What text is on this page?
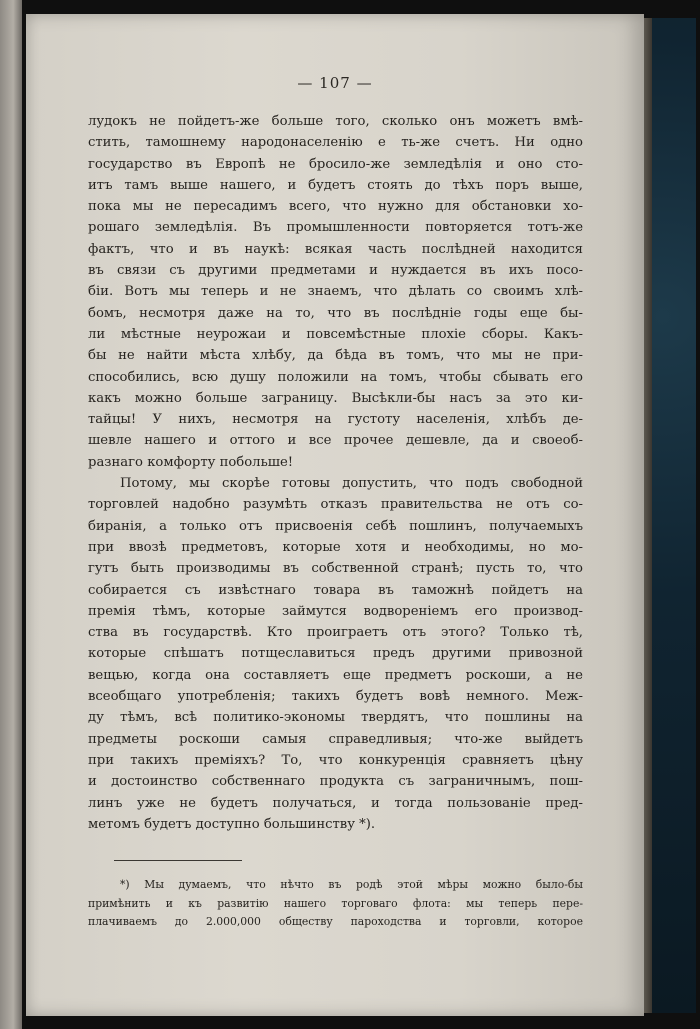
— 107 —
лудокъ не пойдетъ-же больше того, сколько онъ можетъ вмѣ-
стить, тамошнему народонаселенію е ть-же счетъ. Ни одно
государство въ Европѣ не бросило-же земледѣлія и оно сто-
итъ тамъ выше нашего, и будетъ стоять до тѣхъ поръ выше,
пока мы не пересадимъ всего, что нужно для обстановки хо-
рошаго земледѣлія. Въ промышленности повторяется тотъ-же
фактъ, что и въ наукѣ: всякая часть послѣдней находится
въ связи съ другими предметами и нуждается въ ихъ посо-
біи. Вотъ мы теперь и не знаемъ, что дѣлать со своимъ хлѣ-
бомъ, несмотря даже на то, что въ послѣдніе годы еще бы-
ли мѣстные неурожаи и повсемѣстные плохіе сборы. Какъ-
бы не найти мѣста хлѣбу, да бѣда въ томъ, что мы не при-
способились, всю душу положили на томъ, чтобы сбывать его
какъ можно больше заграницу. Высѣкли-бы насъ за это ки-
тайцы! У нихъ, несмотря на густоту населенія, хлѣбъ де-
шевле нашего и оттого и все прочее дешевле, да и своеоб-
разнаго комфорту побольше!
Потому, мы скорѣе готовы допустить, что подъ свободной
торговлей надобно разумѣть отказъ правительства не отъ со-
биранія, а только отъ присвоенія себѣ пошлинъ, получаемыхъ
при ввозѣ предметовъ, которые хотя и необходимы, но мо-
гутъ быть производимы въ собственной странѣ; пусть то, что
собирается съ извѣстнаго товара въ таможнѣ пойдетъ на
премія тѣмъ, которые займутся водвореніемъ его производ-
ства въ государствѣ. Кто проиграетъ отъ этого? Только тѣ,
которые спѣшатъ потщеславиться предъ другими привозной
вещью, когда она составляетъ еще предметъ роскоши, а не
всеобщаго употребленія; такихъ будетъ вовѣ немного. Меж-
ду тѣмъ, всѣ политико-экономы твердятъ, что пошлины на
предметы роскоши самыя справедливыя; что-же выйдетъ
при такихъ преміяхъ? То, что конкуренція сравняетъ цѣну
и достоинство собственнаго продукта съ заграничнымъ, пош-
линъ уже не будетъ получаться, и тогда пользованіе пред-
метомъ будетъ доступно большинству *).
*) Мы думаемъ, что нѣчто въ родѣ этой мѣры можно было-бы
примѣнить и къ развитію нашего торговаго флота: мы теперь пере-
плачиваемъ до 2.000,000 обществу пароходства и торговли, которое
